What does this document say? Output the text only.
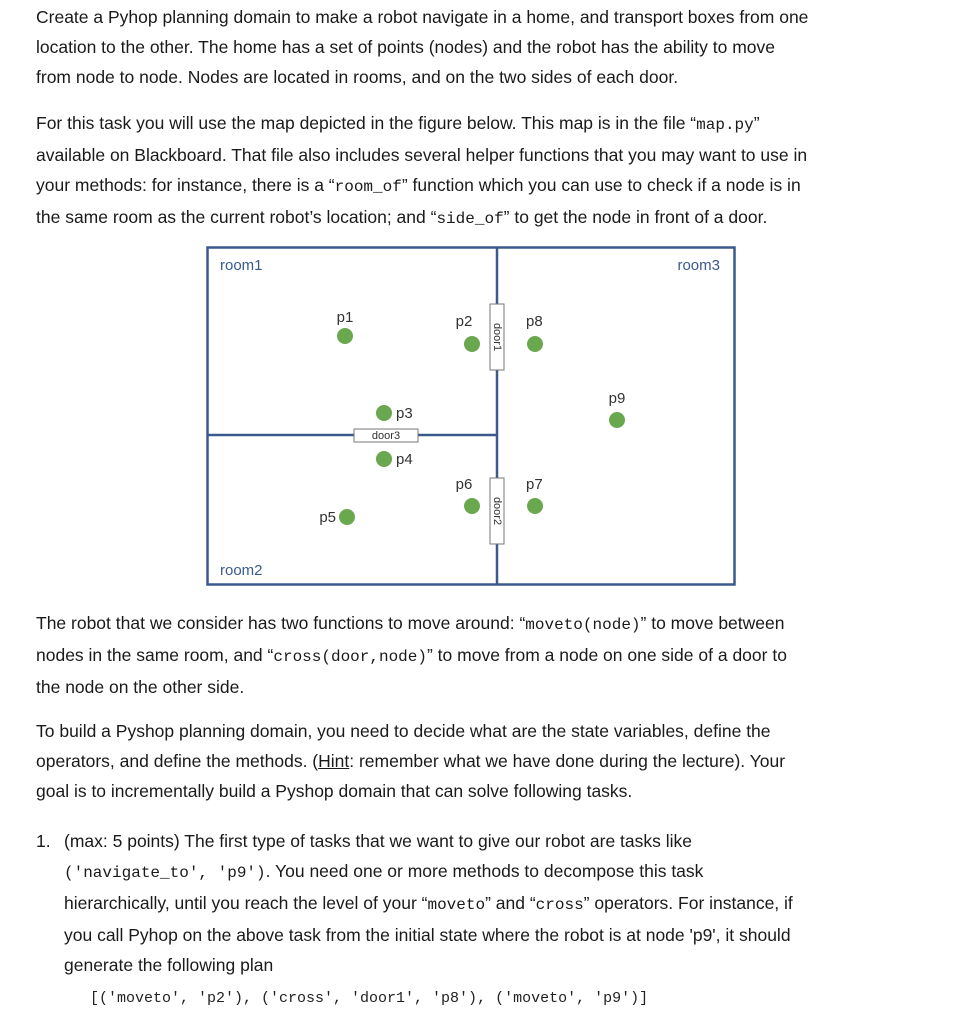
Create a Pyhop planning domain to make a robot navigate in a home, and transport boxes from one
location to the other. The home has a set of points (nodes) and the robot has the ability to move
from node to node. Nodes are located in rooms, and on the two sides of each door.
For this task you will use the map depicted in the figure below. This map is in the file “map.py”
available on Blackboard. That file also includes several helper functions that you may want to use in
your methods: for instance, there is a “room_of” function which you can use to check if a node is in
the same room as the current robot’s location; and “side_of” to get the node in front of a door.
door1
door2
door3
room1
room2
room3
p1	p2
p3
p4
p5
p6	p7
p8
p9
The robot that we consider has two functions to move around: “moveto(node)” to move between
nodes in the same room, and “cross(door,node)” to move from a node on one side of a door to
the node on the other side.
To build a Pyshop planning domain, you need to decide what are the state variables, define the
operators, and define the methods. (Hint: remember what we have done during the lecture). Your
goal is to incrementally build a Pyshop domain that can solve following tasks.
1. (max: 5 points) The first type of tasks that we want to give our robot are tasks like
('navigate_to', 'p9'). You need one or more methods to decompose this task
hierarchically, until you reach the level of your “moveto” and “cross” operators. For instance, if
you call Pyhop on the above task from the initial state where the robot is at node 'p9', it should
generate the following plan
[('moveto', 'p2'), ('cross', 'door1', 'p8'), ('moveto', 'p9')]
